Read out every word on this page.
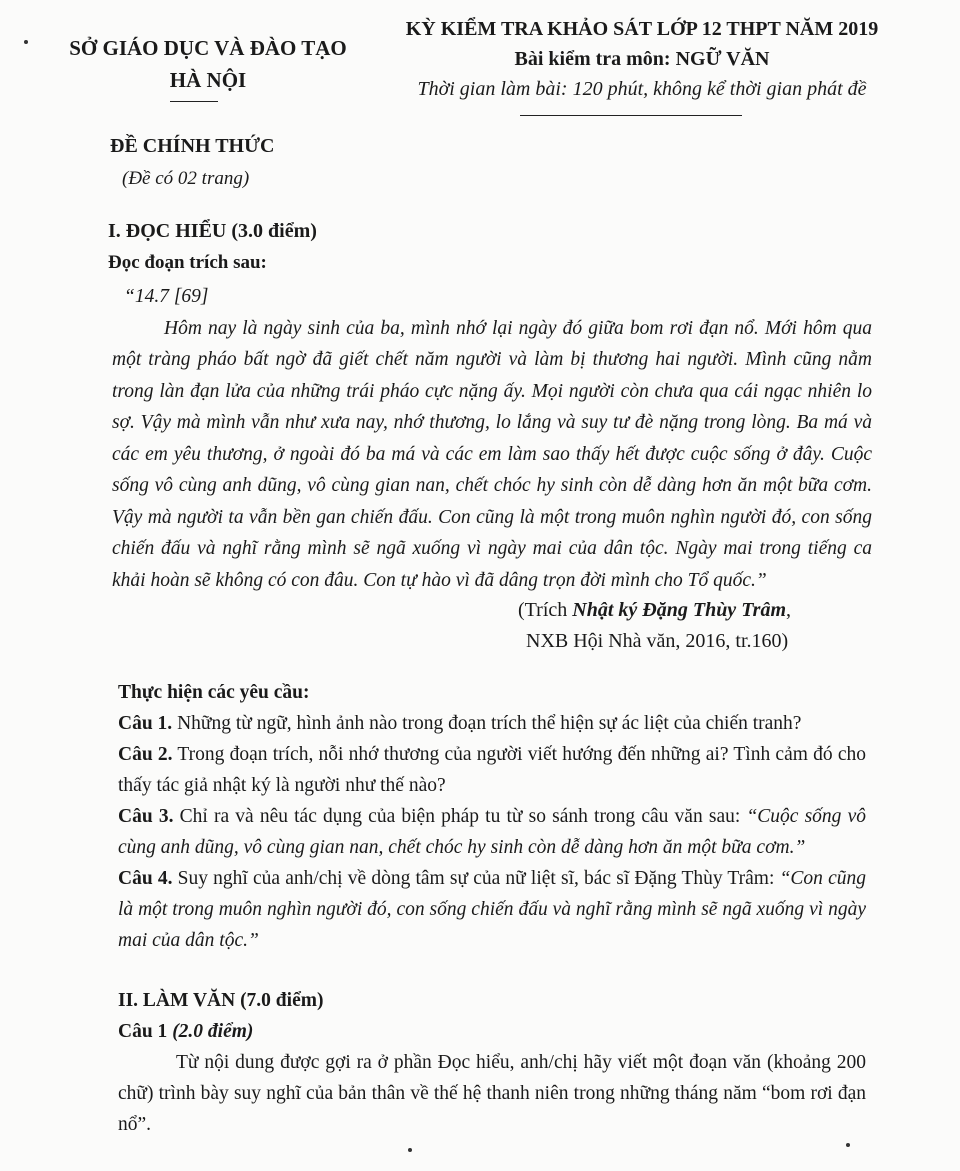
SỞ GIÁO DỤC VÀ ĐÀO TẠO
HÀ NỘI
KỲ KIỂM TRA KHẢO SÁT LỚP 12 THPT NĂM 2019
Bài kiểm tra môn: NGỮ VĂN
Thời gian làm bài: 120 phút, không kể thời gian phát đề
ĐỀ CHÍNH THỨC
(Đề có 02 trang)
I. ĐỌC HIỂU (3.0 điểm)
Đọc đoạn trích sau:

“14.7 [69]

Hôm nay là ngày sinh của ba, mình nhớ lại ngày đó giữa bom rơi đạn nổ. Mới hôm qua một tràng pháo bất ngờ đã giết chết năm người và làm bị thương hai người. Mình cũng nằm trong làn đạn lửa của những trái pháo cực nặng ấy. Mọi người còn chưa qua cái ngạc nhiên lo sợ. Vậy mà mình vẫn như xưa nay, nhớ thương, lo lắng và suy tư đè nặng trong lòng. Ba má và các em yêu thương, ở ngoài đó ba má và các em làm sao thấy hết được cuộc sống ở đây. Cuộc sống vô cùng anh dũng, vô cùng gian nan, chết chóc hy sinh còn dễ dàng hơn ăn một bữa cơm. Vậy mà người ta vẫn bền gan chiến đấu. Con cũng là một trong muôn nghìn người đó, con sống chiến đấu và nghĩ rằng mình sẽ ngã xuống vì ngày mai của dân tộc. Ngày mai trong tiếng ca khải hoàn sẽ không có con đâu. Con tự hào vì đã dâng trọn đời mình cho Tổ quốc.”

(Trích Nhật ký Đặng Thùy Trâm,
NXB Hội Nhà văn, 2016, tr.160)

Thực hiện các yêu cầu:

Câu 1. Những từ ngữ, hình ảnh nào trong đoạn trích thể hiện sự ác liệt của chiến tranh?

Câu 2. Trong đoạn trích, nỗi nhớ thương của người viết hướng đến những ai? Tình cảm đó cho thấy tác giả nhật ký là người như thế nào?

Câu 3. Chỉ ra và nêu tác dụng của biện pháp tu từ so sánh trong câu văn sau: “Cuộc sống vô cùng anh dũng, vô cùng gian nan, chết chóc hy sinh còn dễ dàng hơn ăn một bữa cơm.”

Câu 4. Suy nghĩ của anh/chị về dòng tâm sự của nữ liệt sĩ, bác sĩ Đặng Thùy Trâm: “Con cũng là một trong muôn nghìn người đó, con sống chiến đấu và nghĩ rằng mình sẽ ngã xuống vì ngày mai của dân tộc.”

II. LÀM VĂN (7.0 điểm)

Câu 1 (2.0 điểm)

Từ nội dung được gợi ra ở phần Đọc hiểu, anh/chị hãy viết một đoạn văn (khoảng 200 chữ) trình bày suy nghĩ của bản thân về thế hệ thanh niên trong những tháng năm “bom rơi đạn nổ”.
